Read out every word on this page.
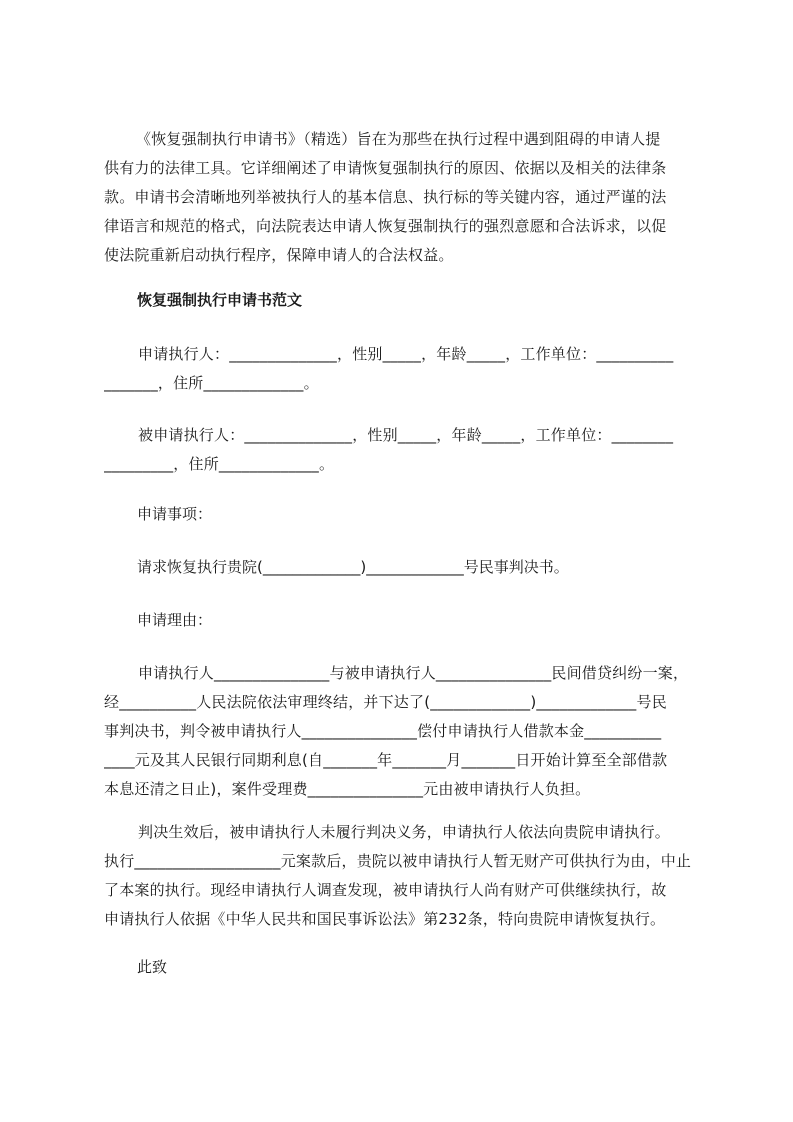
《恢复强制执行申请书》（精选）旨在为那些在执行过程中遇到阻碍的申请人提
供有力的法律工具。它详细阐述了申请恢复强制执行的原因、依据以及相关的法律条
款。申请书会清晰地列举被执行人的基本信息、执行标的等关键内容，通过严谨的法
律语言和规范的格式，向法院表达申请人恢复强制执行的强烈意愿和合法诉求，以促
使法院重新启动执行程序，保障申请人的合法权益。
恢复强制执行申请书范文
申请执行人：______________，性别_____，年龄_____，工作单位：__________
_______，住所_____________。
被申请执行人：______________，性别_____，年龄_____，工作单位：________
_________，住所_____________。

申请事项：

请求恢复执行贵院(_____________)_____________号民事判决书。

申请理由：

申请执行人_______________与被申请执行人_______________民间借贷纠纷一案，
经__________人民法院依法审理终结，并下达了(_____________)_____________号民
事判决书，判令被申请执行人_______________偿付申请执行人借款本金__________
____元及其人民银行同期利息(自_______年_______月_______日开始计算至全部借款
本息还清之日止)，案件受理费_______________元由被申请执行人负担。
判决生效后，被申请执行人未履行判决义务，申请执行人依法向贵院申请执行。
执行___________________元案款后，贵院以被申请执行人暂无财产可供执行为由，中止
了本案的执行。现经申请执行人调查发现，被申请执行人尚有财产可供继续执行，故
申请执行人依据《中华人民共和国民事诉讼法》第232条，特向贵院申请恢复执行。

此致
